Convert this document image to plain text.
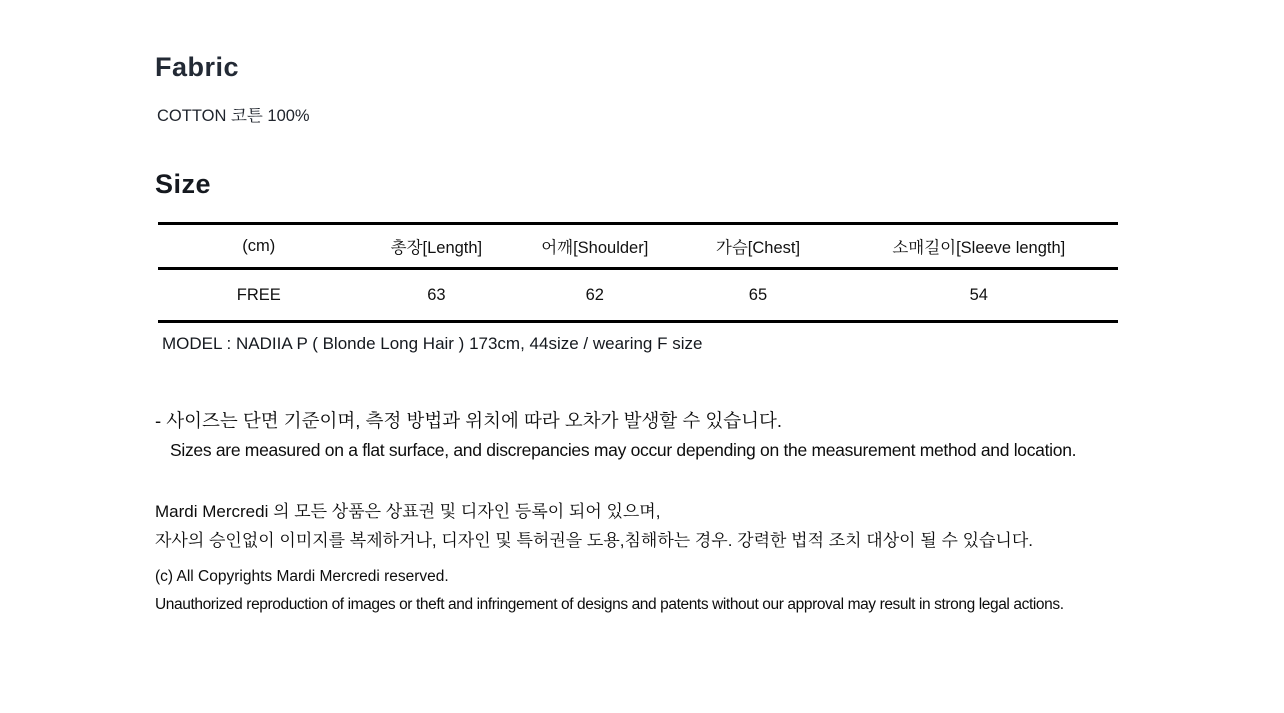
Fabric
COTTON 코튼 100%
Size
(cm)	총장[Length]	어깨[Shoulder]	가슴[Chest]	소매길이[Sleeve length]
FREE	63	62	65	54
MODEL : NADIIA P ( Blonde Long Hair ) 173cm, 44size / wearing F size
- 사이즈는 단면 기준이며, 측정 방법과 위치에 따라 오차가 발생할 수 있습니다.
Sizes are measured on a flat surface, and discrepancies may occur depending on the measurement method and location.
Mardi Mercredi 의 모든 상품은 상표권 및 디자인 등록이 되어 있으며,
자사의 승인없이 이미지를 복제하거나, 디자인 및 특허권을 도용,침해하는 경우. 강력한 법적 조치 대상이 될 수 있습니다.
(c) All Copyrights Mardi Mercredi reserved.
Unauthorized reproduction of images or theft and infringement of designs and patents without our approval may result in strong legal actions.
